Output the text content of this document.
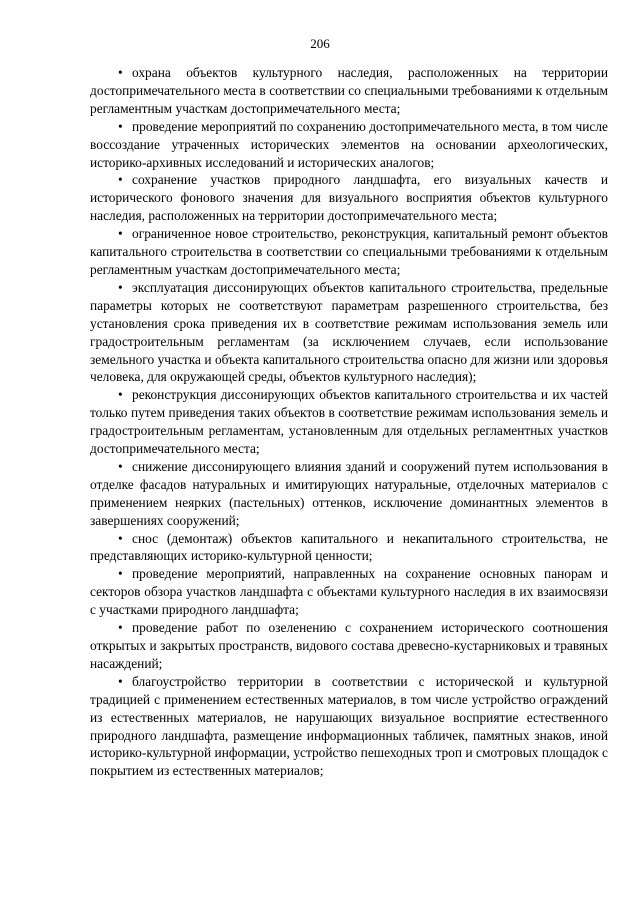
206

• охрана объектов культурного наследия, расположенных на территории достопримечательного места в соответствии со специальными требованиями к отдельным регламентным участкам достопримечательного места;

• проведение мероприятий по сохранению достопримечательного места, в том числе воссоздание утраченных исторических элементов на основании археологических, историко-архивных исследований и исторических аналогов;

• сохранение участков природного ландшафта, его визуальных качеств и исторического фонового значения для визуального восприятия объектов культурного наследия, расположенных на территории достопримечательного места;

• ограниченное новое строительство, реконструкция, капитальный ремонт объектов капитального строительства в соответствии со специальными требованиями к отдельным регламентным участкам достопримечательного места;

• эксплуатация диссонирующих объектов капитального строительства, предельные параметры которых не соответствуют параметрам разрешенного строительства, без установления срока приведения их в соответствие режимам использования земель или градостроительным регламентам (за исключением случаев, если использование земельного участка и объекта капитального строительства опасно для жизни или здоровья человека, для окружающей среды, объектов культурного наследия);

• реконструкция диссонирующих объектов капитального строительства и их частей только путем приведения таких объектов в соответствие режимам использования земель и градостроительным регламентам, установленным для отдельных регламентных участков достопримечательного места;

• снижение диссонирующего влияния зданий и сооружений путем использования в отделке фасадов натуральных и имитирующих натуральные, отделочных материалов с применением неярких (пастельных) оттенков, исключение доминантных элементов в завершениях сооружений;

• снос (демонтаж) объектов капитального и некапитального строительства, не представляющих историко-культурной ценности;

• проведение мероприятий, направленных на сохранение основных панорам и секторов обзора участков ландшафта с объектами культурного наследия в их взаимосвязи с участками природного ландшафта;

• проведение работ по озеленению с сохранением исторического соотношения открытых и закрытых пространств, видового состава древесно-кустарниковых и травяных насаждений;

• благоустройство территории в соответствии с исторической и культурной традицией с применением естественных материалов, в том числе устройство ограждений из естественных материалов, не нарушающих визуальное восприятие естественного природного ландшафта, размещение информационных табличек, памятных знаков, иной историко-культурной информации, устройство пешеходных троп и смотровых площадок с покрытием из естественных материалов;
